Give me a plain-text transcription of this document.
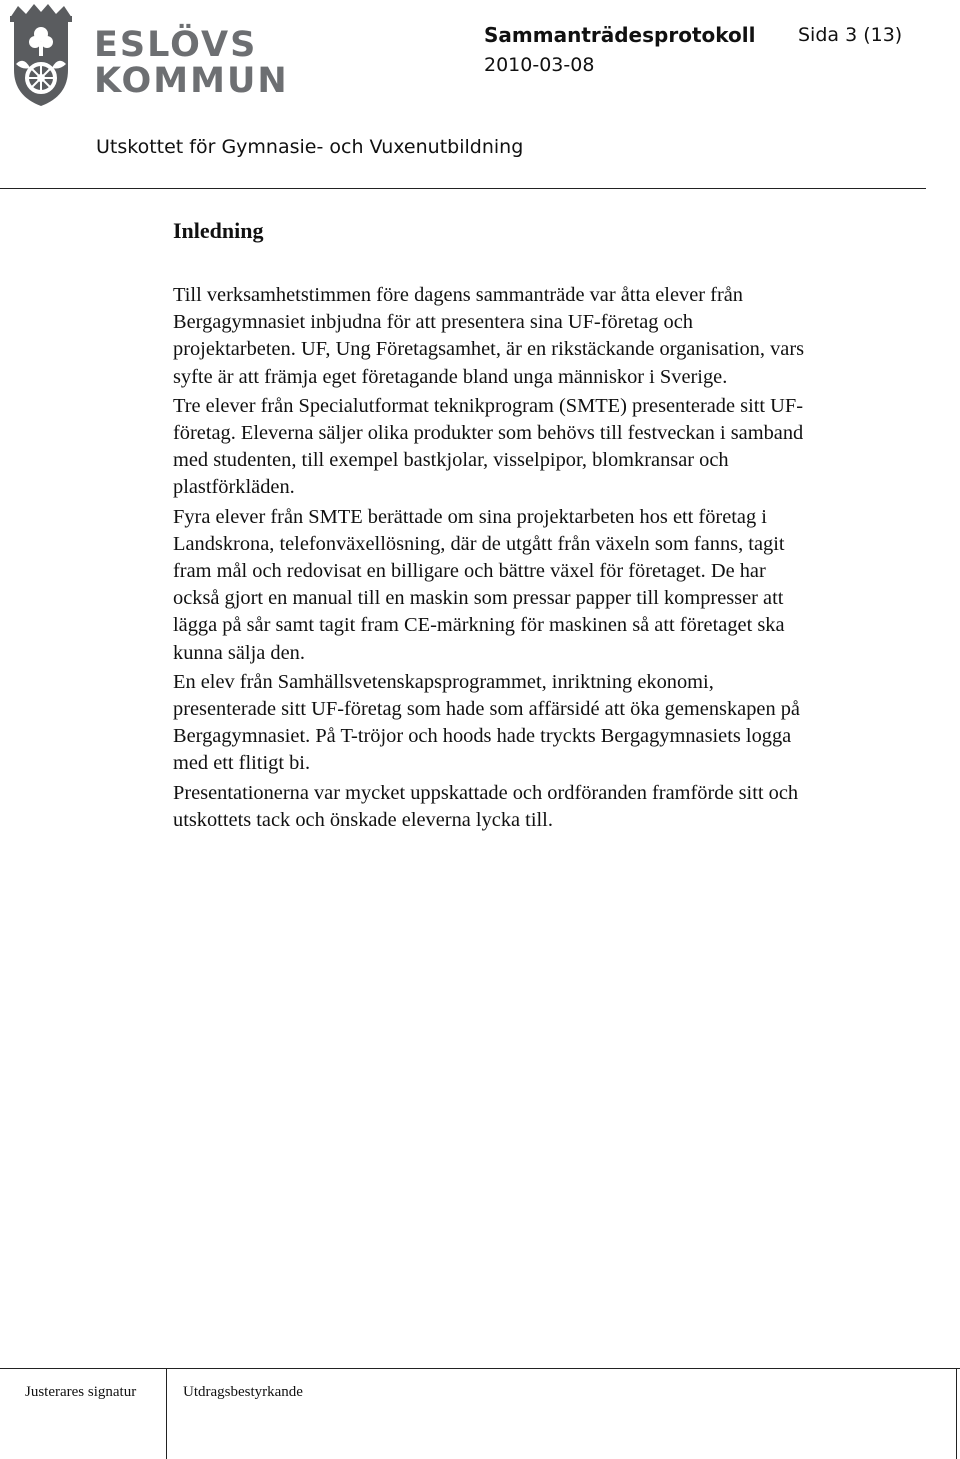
ESLÖVS
KOMMUN
Sammanträdesprotokoll Sida 3 (13)
2010-03-08
Utskottet för Gymnasie- och Vuxenutbildning
Inledning

Till verksamhetstimmen före dagens sammanträde var åtta elever från Bergagymnasiet inbjudna för att presentera sina UF-företag och projektarbeten. UF, Ung Företagsamhet, är en rikstäckande organisation, vars syfte är att främja eget företagande bland unga människor i Sverige.

Tre elever från Specialutformat teknikprogram (SMTE) presenterade sitt UF-företag. Eleverna säljer olika produkter som behövs till festveckan i samband med studenten, till exempel bastkjolar, visselpipor, blomkransar och plastförkläden.

Fyra elever från SMTE berättade om sina projektarbeten hos ett företag i Landskrona, telefonväxellösning, där de utgått från växeln som fanns, tagit fram mål och redovisat en billigare och bättre växel för företaget. De har också gjort en manual till en maskin som pressar papper till kompresser att lägga på sår samt tagit fram CE-märkning för maskinen så att företaget ska kunna sälja den.

En elev från Samhällsvetenskapsprogrammet, inriktning ekonomi, presenterade sitt UF-företag som hade som affärsidé att öka gemenskapen på Bergagymnasiet. På T-tröjor och hoods hade tryckts Bergagymnasiets logga med ett flitigt bi.

Presentationerna var mycket uppskattade och ordföranden framförde sitt och utskottets tack och önskade eleverna lycka till.

Justerares signatur	Utdragsbestyrkande
